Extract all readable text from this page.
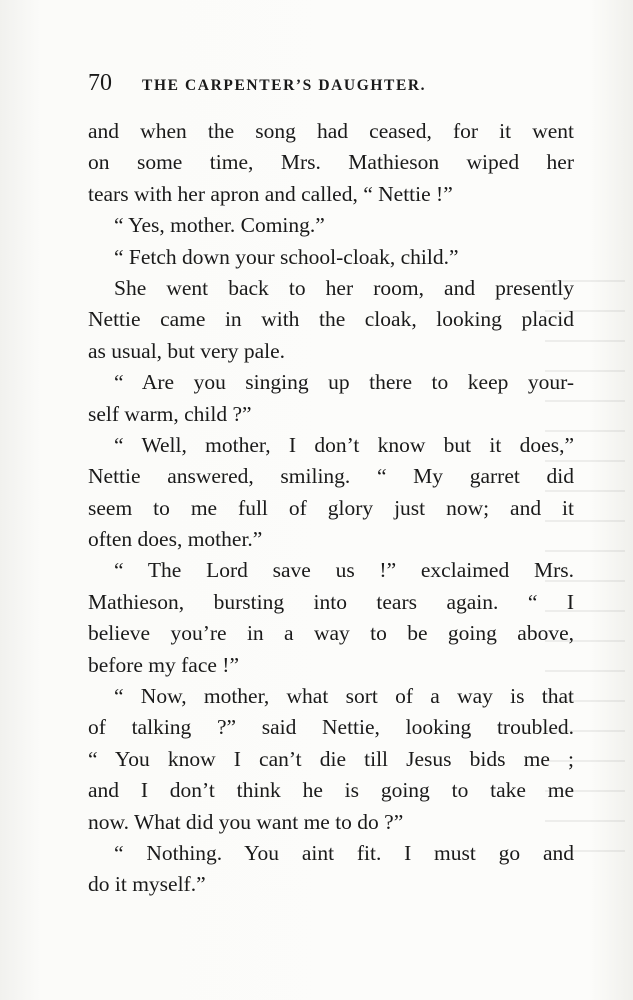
70 THE CARPENTER’S DAUGHTER.
and when the song had ceased, for it went
on some time, Mrs. Mathieson wiped her
tears with her apron and called, “ Nettie !”
“ Yes, mother. Coming.”
“ Fetch down your school-cloak, child.”
She went back to her room, and presently
Nettie came in with the cloak, looking placid
as usual, but very pale.
“ Are you singing up there to keep your-
self warm, child ?”
“ Well, mother, I don’t know but it does,”
Nettie answered, smiling. “ My garret did
seem to me full of glory just now; and it
often does, mother.”
“ The Lord save us !” exclaimed Mrs.
Mathieson, bursting into tears again. “ I
believe you’re in a way to be going above,
before my face !”
“ Now, mother, what sort of a way is that
of talking ?” said Nettie, looking troubled.
“ You know I can’t die till Jesus bids me ;
and I don’t think he is going to take me
now. What did you want me to do ?”
“ Nothing. You aint fit. I must go and
do it myself.”
